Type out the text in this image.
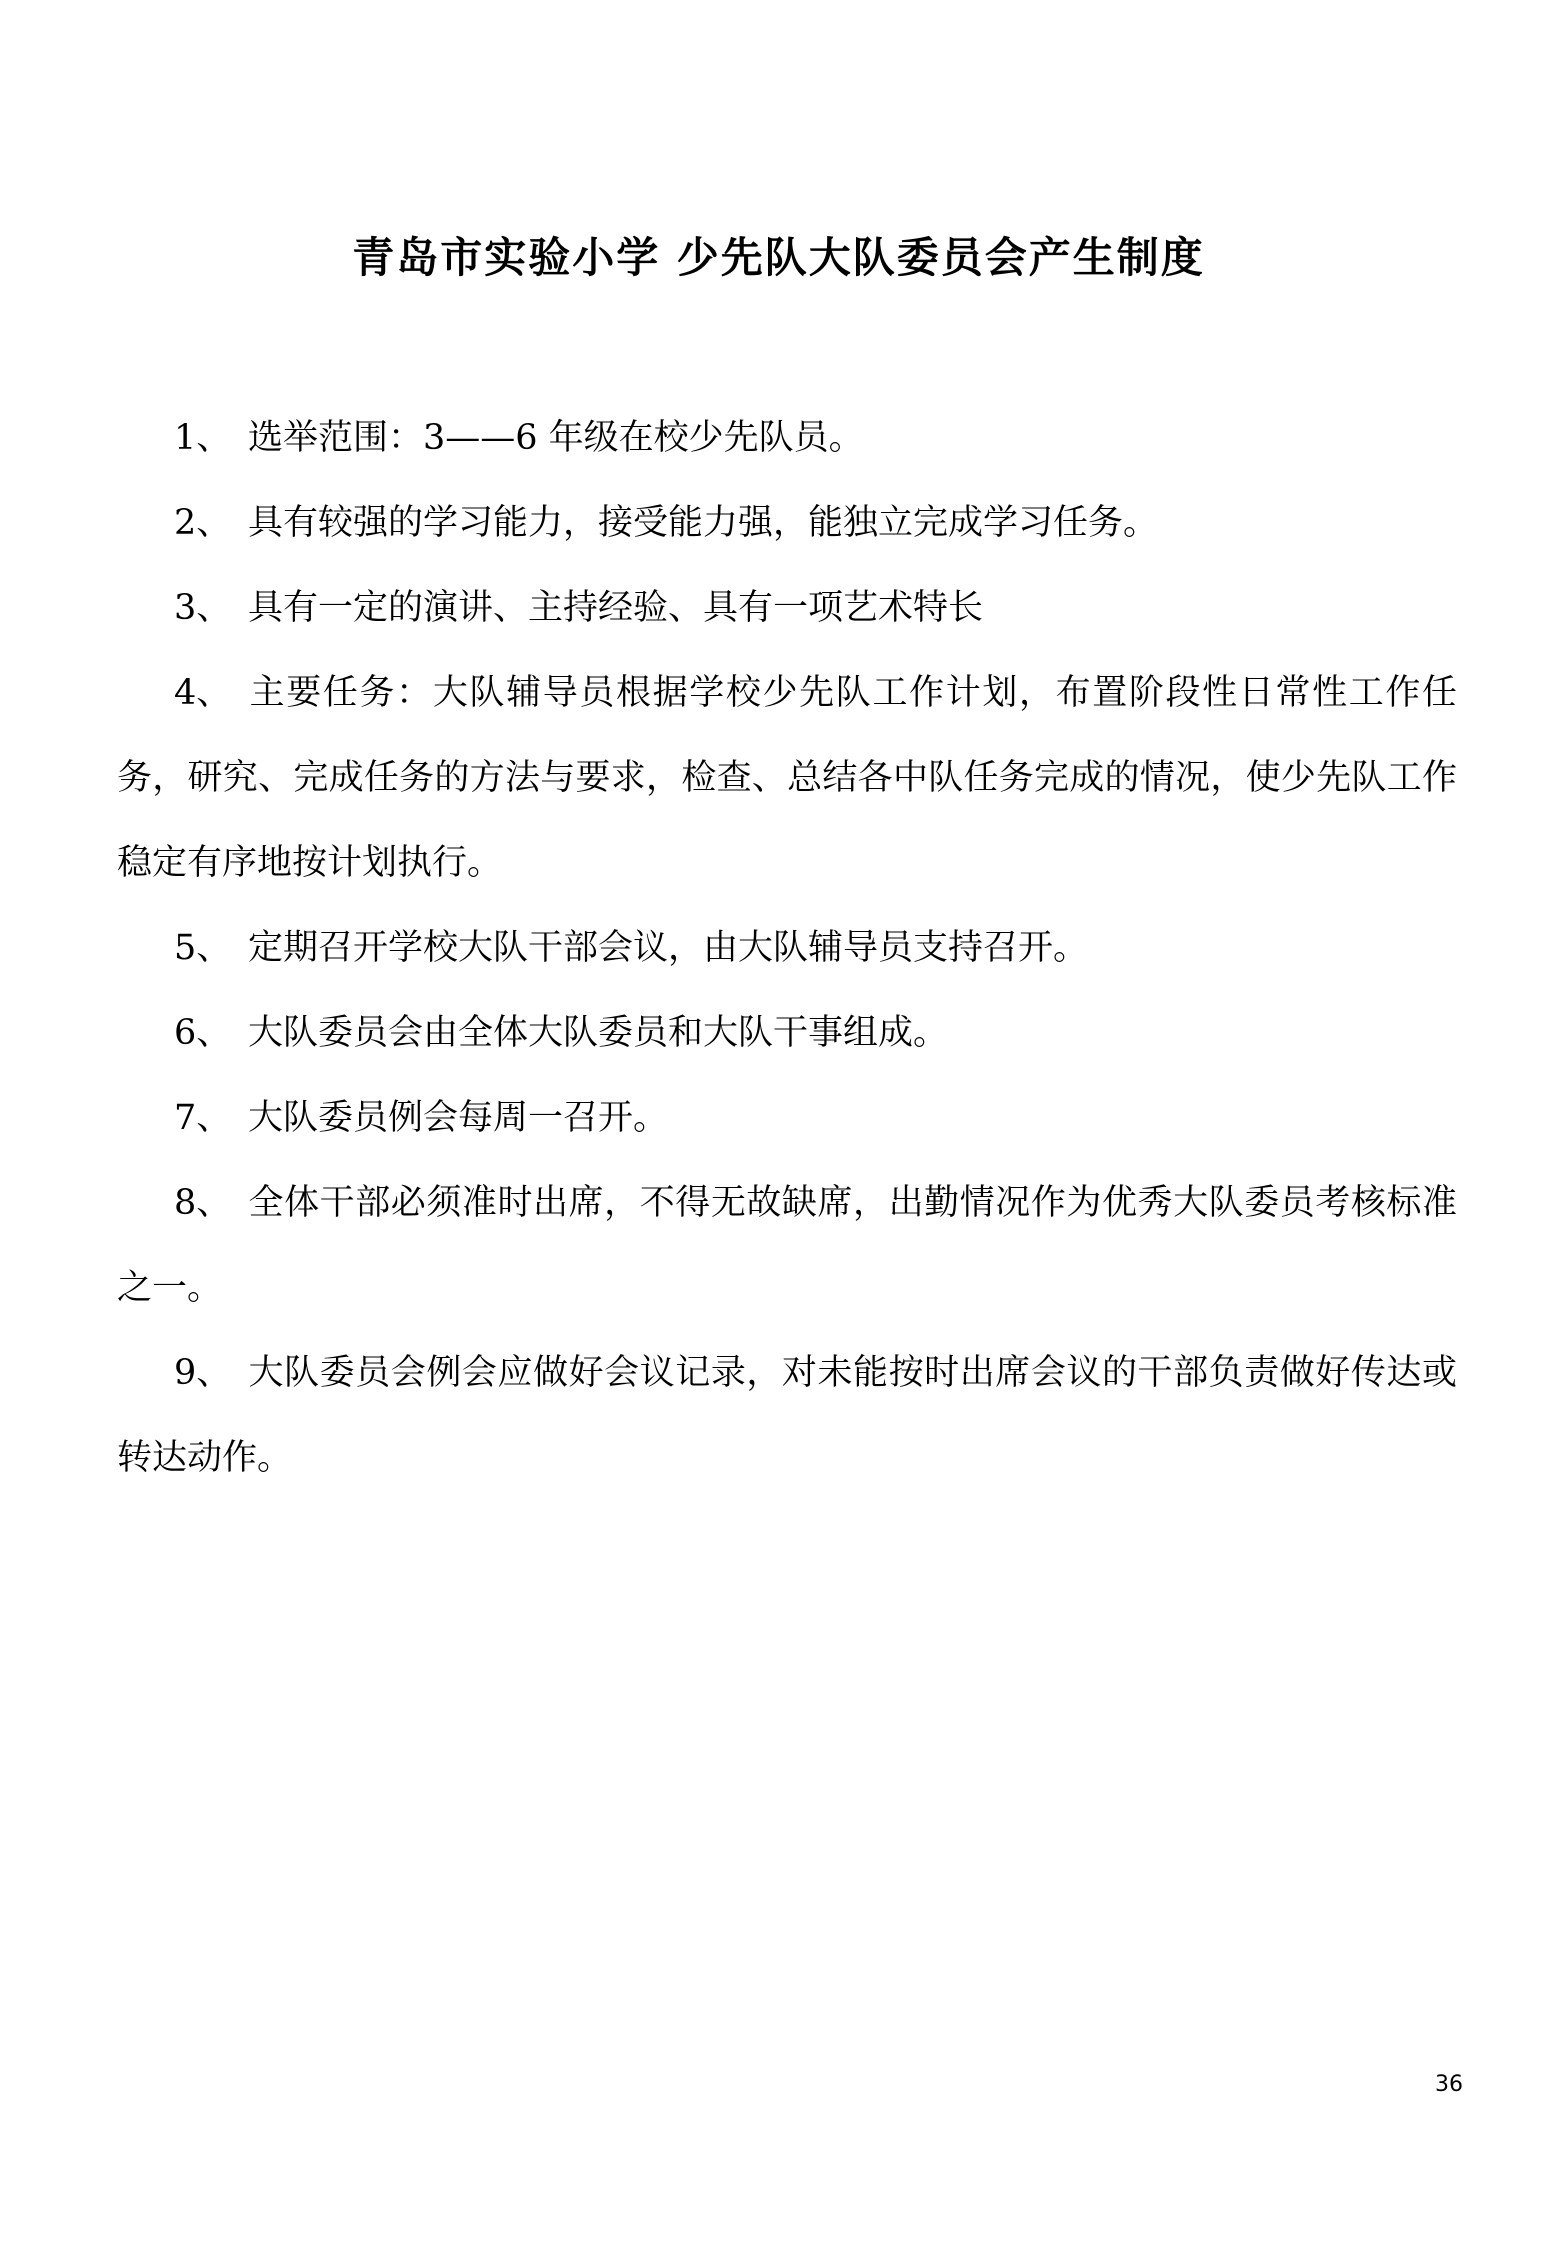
青岛市实验小学 少先队大队委员会产生制度

1、 选举范围：3——6 年级在校少先队员。

2、 具有较强的学习能力，接受能力强，能独立完成学习任务。

3、 具有一定的演讲、主持经验、具有一项艺术特长

4、 主要任务：大队辅导员根据学校少先队工作计划，布置阶段性日常性工作任务，研究、完成任务的方法与要求，检查、总结各中队任务完成的情况，使少先队工作稳定有序地按计划执行。

5、 定期召开学校大队干部会议，由大队辅导员支持召开。

6、 大队委员会由全体大队委员和大队干事组成。

7、 大队委员例会每周一召开。

8、 全体干部必须准时出席，不得无故缺席，出勤情况作为优秀大队委员考核标准之一。

9、 大队委员会例会应做好会议记录，对未能按时出席会议的干部负责做好传达或转达动作。

36
